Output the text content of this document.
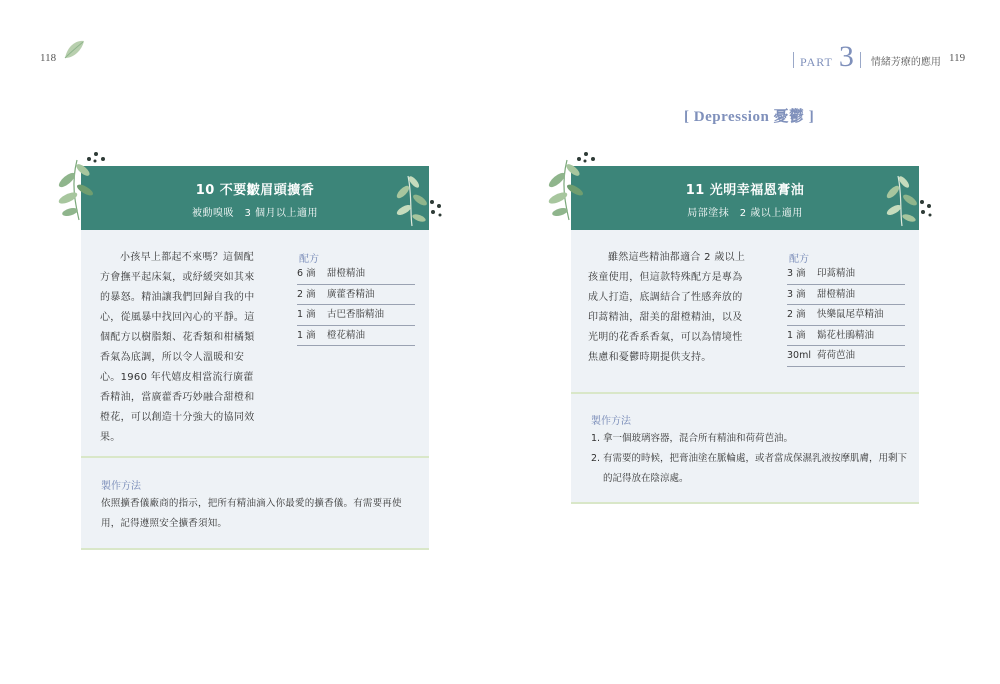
118
10 不要皺眉頭擴香
被動嗅吸　3 個月以上適用

小孩早上都起不來嗎？這個配方會撫平起床氣，或紓緩突如其來的暴怒。精油讓我們回歸自我的中心，從風暴中找回內心的平靜。這個配方以樹脂類、花香類和柑橘類香氣為底調，所以令人溫暖和安心。1960 年代嬉皮相當流行廣藿香精油，當廣藿香巧妙融合甜橙和橙花，可以創造十分強大的協同效果。

配方
6 滴 甜橙精油
2 滴 廣藿香精油
1 滴 古巴香脂精油
1 滴 橙花精油
製作方法

依照擴香儀廠商的指示，把所有精油滴入你最愛的擴香儀。有需要再使用，記得遵照安全擴香須知。

PART 3 情緒芳療的應用 119
[ Depression 憂鬱 ]
11 光明幸福恩膏油
局部塗抹　2 歲以上適用

雖然這些精油都適合 2 歲以上孩童使用，但這款特殊配方是專為成人打造，底調結合了性感奔放的印蒿精油，甜美的甜橙精油，以及光明的花香系香氣，可以為情境性焦慮和憂鬱時期提供支持。

配方
3 滴 印蒿精油
3 滴 甜橙精油
2 滴 快樂鼠尾草精油
1 滴 鬍花杜鵑精油
30ml 荷荷芭油
製作方法
1. 拿一個玻璃容器，混合所有精油和荷荷芭油。
2. 有需要的時候，把膏油塗在脈輪處，或者當成保濕乳液按摩肌膚，用剩下的記得放在陰涼處。
